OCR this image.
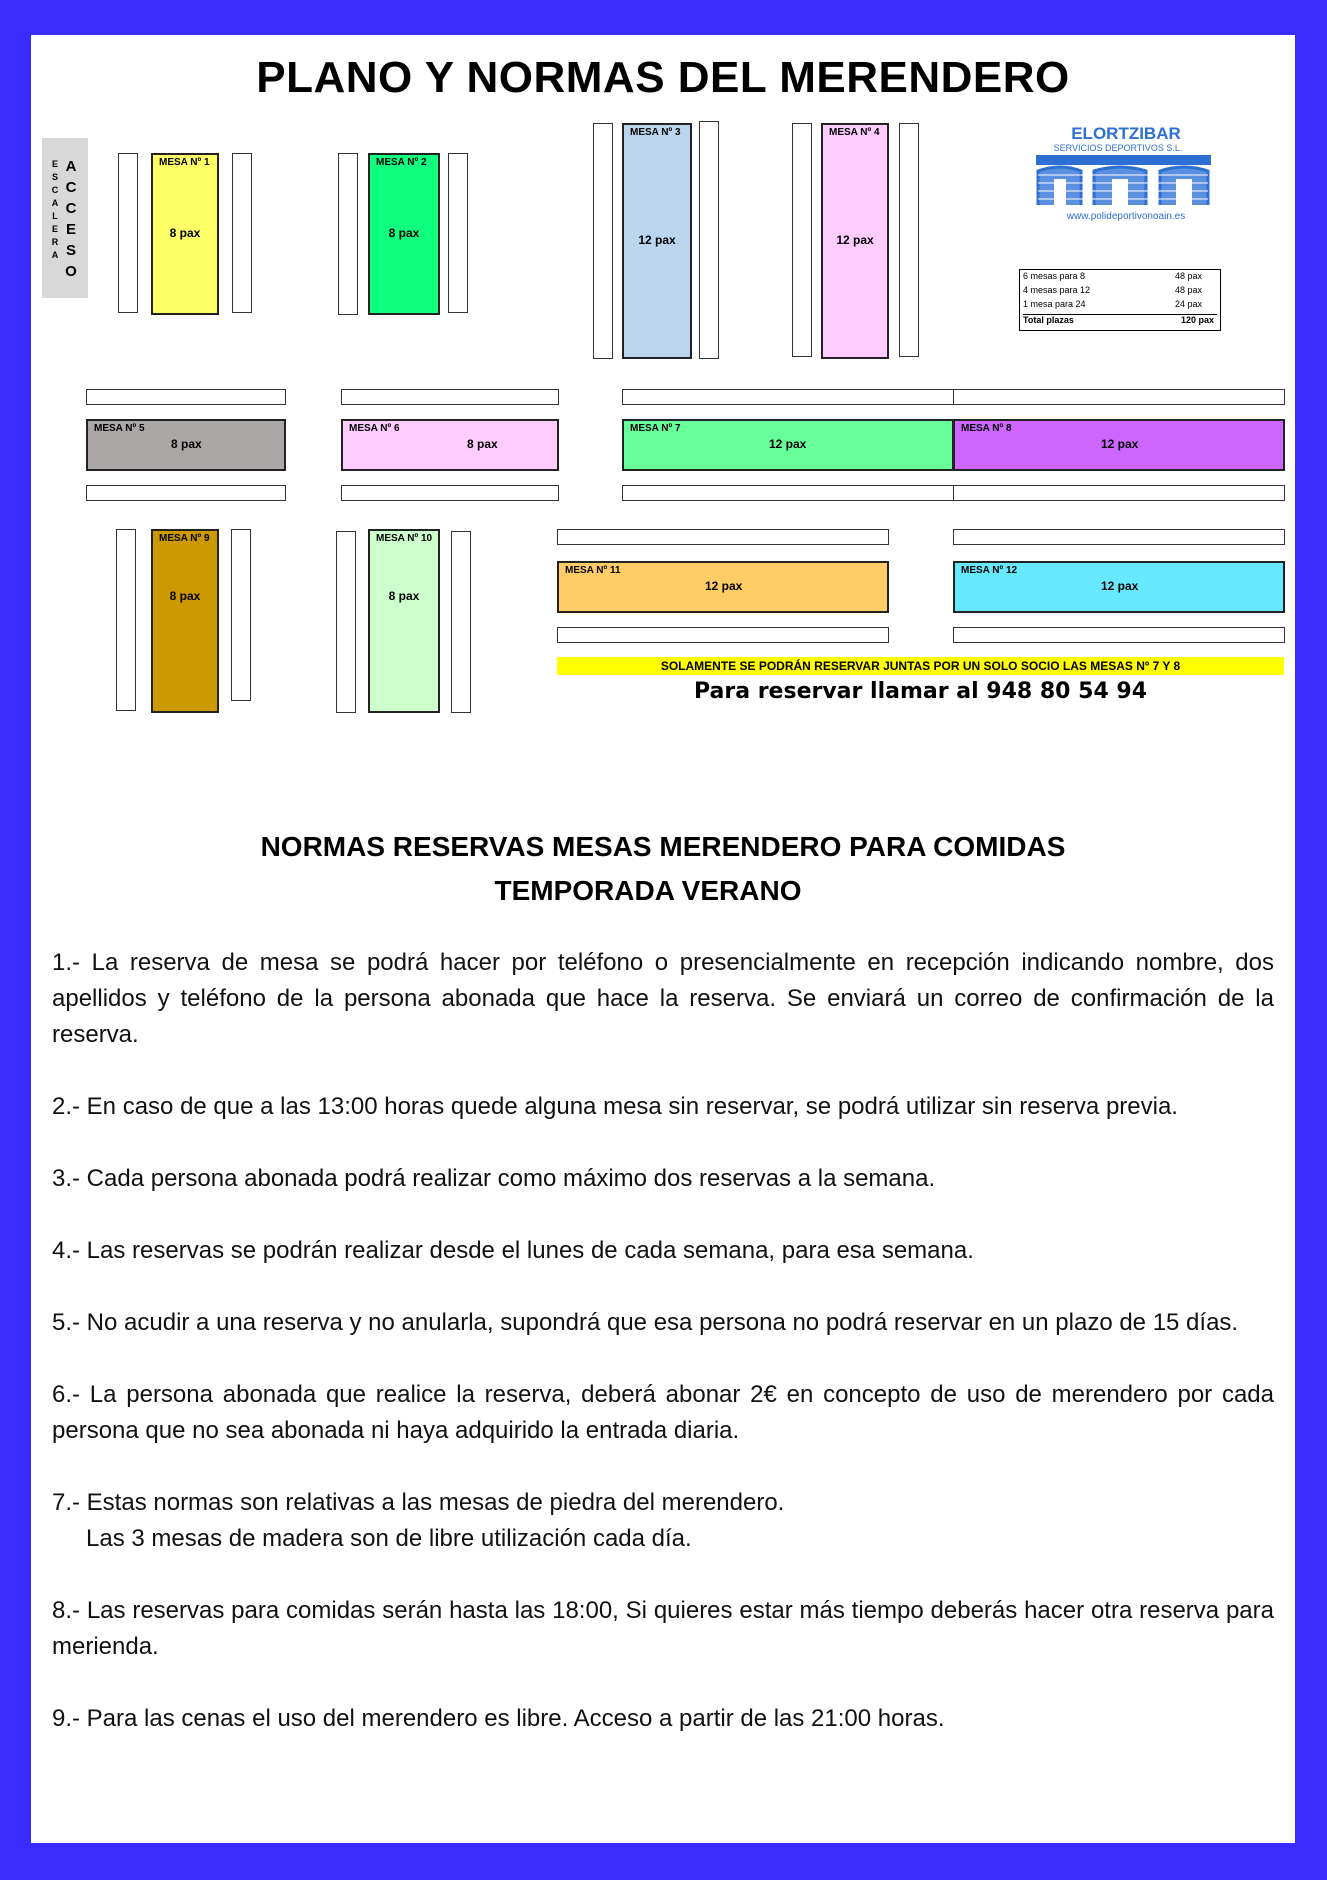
PLANO Y NORMAS DEL MERENDERO
E
S
C
A
L
E
R
A
A
C
C
E
S
O
MESA Nº 1
8 pax
MESA Nº 2
8 pax
MESA Nº 3
12 pax
MESA Nº 4
12 pax
ELORTZIBAR
SERVICIOS DEPORTIVOS S.L.
www.polideportivonoain.es
6 mesas para 8	48 pax
4 mesas para 12	48 pax
1 mesa para 24	24 pax
Total plazas	120 pax
MESA Nº 5
8 pax
MESA Nº 6
8 pax
MESA Nº 7
12 pax
MESA Nº 8
12 pax
MESA Nº 9
8 pax
MESA Nº 10
8 pax
MESA Nº 11
12 pax
MESA Nº 12
12 pax
SOLAMENTE SE PODRÁN RESERVAR JUNTAS POR UN SOLO SOCIO LAS MESAS Nº 7 Y 8
Para reservar llamar al 948 80 54 94
NORMAS RESERVAS MESAS MERENDERO PARA COMIDAS
TEMPORADA VERANO
1.- La reserva de mesa se podrá hacer por teléfono o presencialmente en recepción indicando nombre, dos apellidos y teléfono de la persona abonada que hace la reserva. Se enviará un correo de confirmación de la reserva.
2.- En caso de que a las 13:00 horas quede alguna mesa sin reservar, se podrá utilizar sin reserva previa.
3.- Cada persona abonada podrá realizar como máximo dos reservas a la semana.
4.- Las reservas se podrán realizar desde el lunes de cada semana, para esa semana.
5.- No acudir a una reserva y no anularla, supondrá que esa persona no podrá reservar en un plazo de 15 días.
6.- La persona abonada que realice la reserva, deberá abonar 2€ en concepto de uso de merendero por cada persona que no sea abonada ni haya adquirido la entrada diaria.
7.- Estas normas son relativas a las mesas de piedra del merendero.
Las 3 mesas de madera son de libre utilización cada día.
8.- Las reservas para comidas serán hasta las 18:00, Si quieres estar más tiempo deberás hacer otra reserva para merienda.
9.- Para las cenas el uso del merendero es libre. Acceso a partir de las 21:00 horas.
